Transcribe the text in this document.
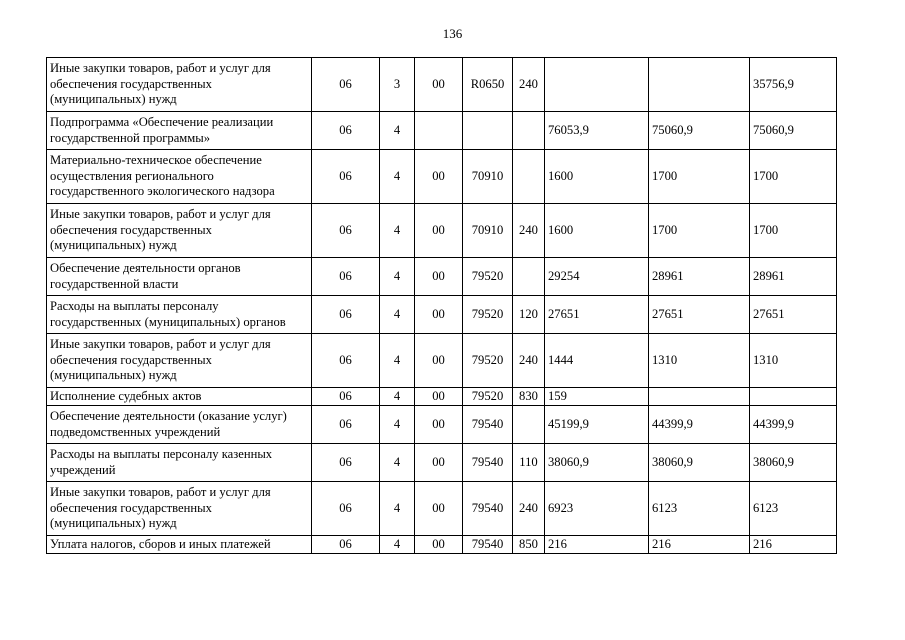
136
Иные закупки товаров, работ и услуг для обеспечения государственных (муниципальных) нужд	06	3	00	R0650	240			35756,9
Подпрограмма «Обеспечение реализации государственной программы»	06	4				76053,9	75060,9	75060,9
Материально-техническое обеспечение осуществления регионального государственного экологического надзора	06	4	00	70910		1600	1700	1700
Иные закупки товаров, работ и услуг для обеспечения государственных (муниципальных) нужд	06	4	00	70910	240	1600	1700	1700
Обеспечение деятельности органов государственной власти	06	4	00	79520		29254	28961	28961
Расходы на выплаты персоналу государственных (муниципальных) органов	06	4	00	79520	120	27651	27651	27651
Иные закупки товаров, работ и услуг для обеспечения государственных (муниципальных) нужд	06	4	00	79520	240	1444	1310	1310
Исполнение судебных актов	06	4	00	79520	830	159		
Обеспечение деятельности (оказание услуг) подведомственных учреждений	06	4	00	79540		45199,9	44399,9	44399,9
Расходы на выплаты персоналу казенных учреждений	06	4	00	79540	110	38060,9	38060,9	38060,9
Иные закупки товаров, работ и услуг для обеспечения государственных (муниципальных) нужд	06	4	00	79540	240	6923	6123	6123
Уплата налогов, сборов и иных платежей	06	4	00	79540	850	216	216	216
